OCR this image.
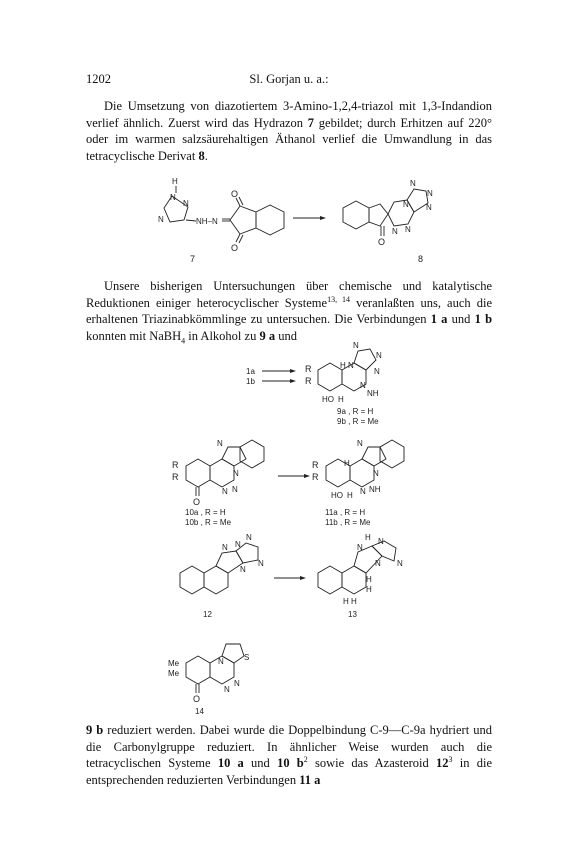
1202	Sl. Gorjan u. a.:

Die Umsetzung von diazotiertem 3-Amino-1,2,4-triazol mit 1,3-Indandion verlief ähnlich. Zuerst wird das Hydrazon 7 gebildet; durch Erhitzen auf 220° oder im warmen salzsäurehaltigen Äthanol verlief die Umwandlung in das tetracyclische Derivat 8.

Unsere bisherigen Untersuchungen über chemische und katalytische Reduktionen einiger heterocyclischer Systeme$^{13, 14}$ veranlaßten uns, auch die erhaltenen Triazinabkömmlinge zu untersuchen. Die Verbindungen 1 a und 1 b konnten mit NaBH$_4$ in Alkohol zu 9 a und

9 b reduziert werden. Dabei wurde die Doppelbindung C-9—C-9a hydriert und die Carbonylgruppe reduziert. In ähnlicher Weise wurden auch die tetracyclischen Systeme 10 a und 10 $b^2$ sowie das Azasteroid $12^3$ in die entsprechenden reduzierten Verbindungen 11 a

H
N
N
N
NH–N
O
O
7
N
N
N
N
N
N
O
8
1a
1b
R
R
N
N
N
N
H
N
NH
HO H
9a , R = H
9b , R = Me
R
R
N
N
N N
O
10a , R = H
10b , R = Me
R
R
N
H
N
N NH
HO H
11a , R = H
11b , R = Me
N N
N
N
N
12
H
N
N
N
N
H
H
H H
13
Me
Me
S
N
N
N
O
14
